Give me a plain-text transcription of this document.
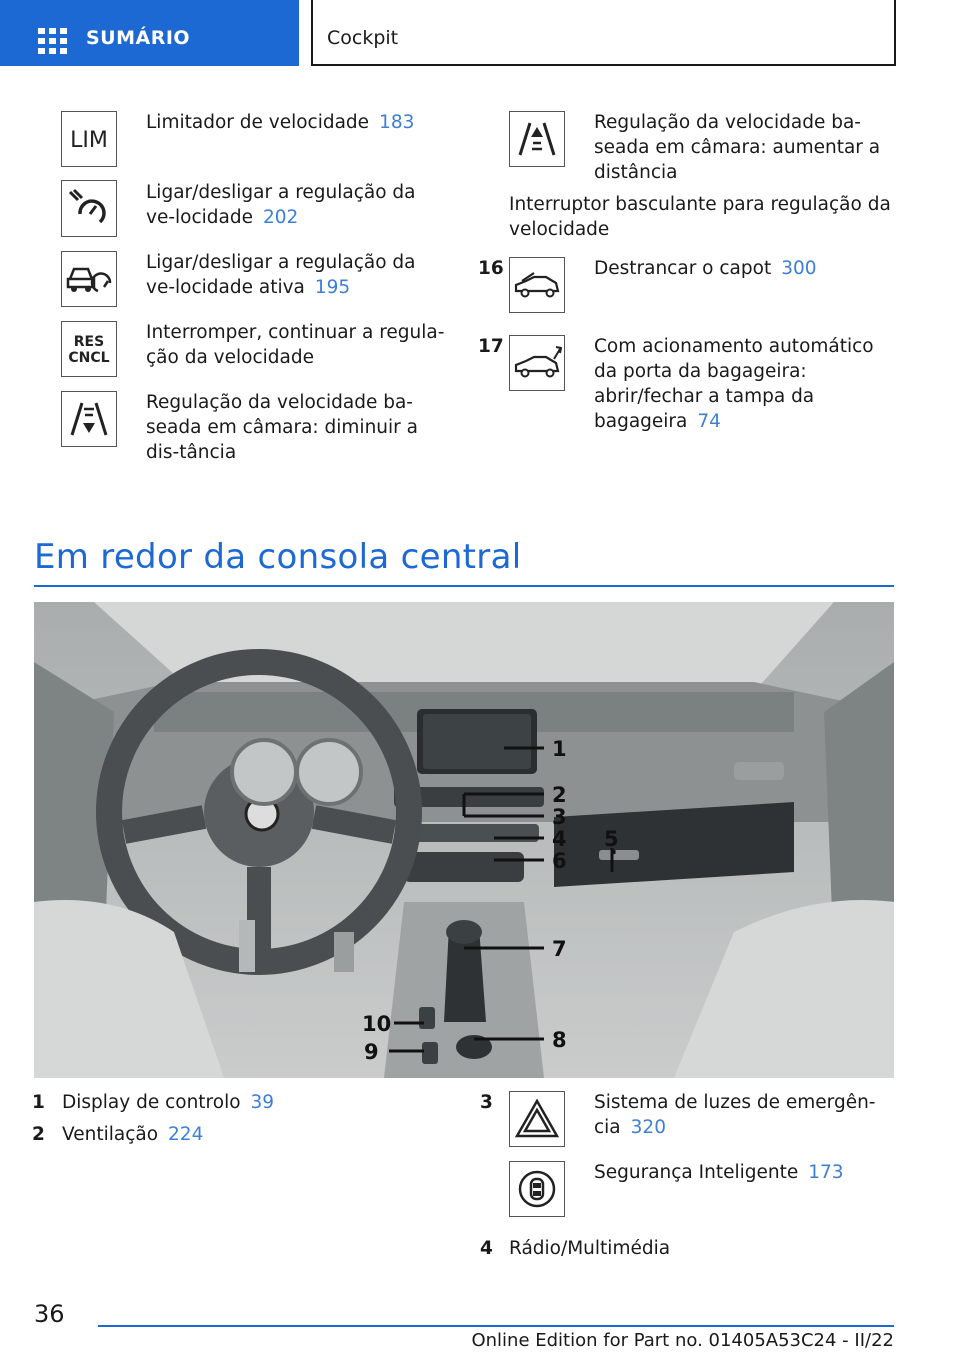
SUMÁRIO	Cockpit
LIM
Limitador de velocidade 183
Ligar/desligar a regulação da ve-locidade 202
Ligar/desligar a regulação da ve-locidade ativa 195
RES
CNCL
Interromper, continuar a regula-ção da velocidade
Regulação da velocidade ba-seada em câmara: diminuir a dis-tância
Regulação da velocidade ba-seada em câmara: aumentar a distância
Interruptor basculante para regulação da velocidade
16	Destrancar o capot 300
17	Com acionamento automático da porta da bagageira: abrir/fechar a tampa da bagageira 74
Em redor da consola central
1
2
3
4 5
6
7
8
9
10
1 Display de controlo 39
2 Ventilação 224
3	Sistema de luzes de emergên-cia 320
Segurança Inteligente 173
4 Rádio/Multimédia
36
Online Edition for Part no. 01405A53C24 - II/22
